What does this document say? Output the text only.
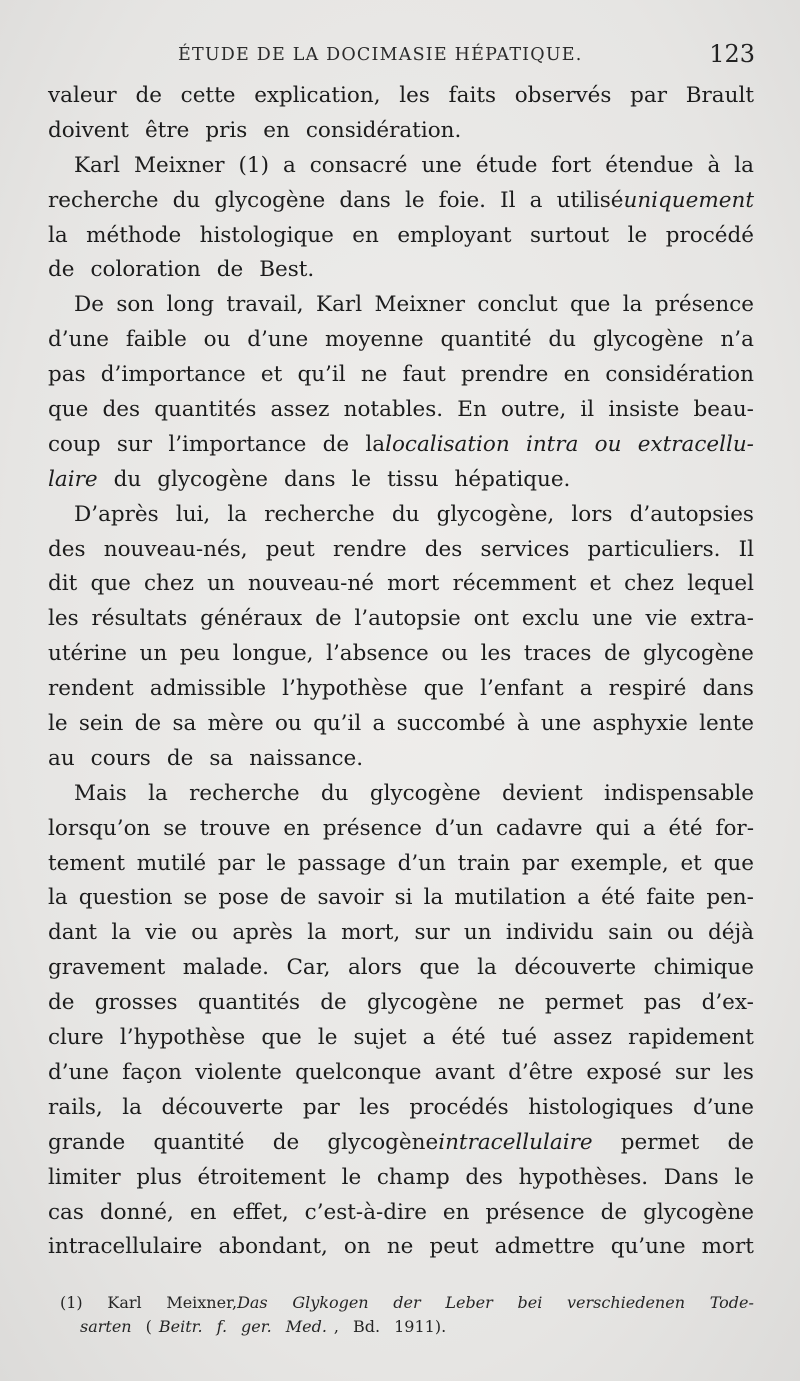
ÉTUDE DE LA DOCIMASIE HÉPATIQUE.	123
valeur de cette explication, les faits observés par Brault
doivent être pris en considération.
Karl Meixner (1) a consacré une étude fort étendue à la
recherche du glycogène dans le foie. Il a utiliséuniquement
la méthode histologique en employant surtout le procédé
de coloration de Best.
De son long travail, Karl Meixner conclut que la présence
d’une faible ou d’une moyenne quantité du glycogène n’a
pas d’importance et qu’il ne faut prendre en considération
que des quantités assez notables. En outre, il insiste beau-
coup sur l’importance de lalocalisation intra ou extracellu-
laire du glycogène dans le tissu hépatique.
D’après lui, la recherche du glycogène, lors d’autopsies
des nouveau-nés, peut rendre des services particuliers. Il
dit que chez un nouveau-né mort récemment et chez lequel
les résultats généraux de l’autopsie ont exclu une vie extra-
utérine un peu longue, l’absence ou les traces de glycogène
rendent admissible l’hypothèse que l’enfant a respiré dans
le sein de sa mère ou qu’il a succombé à une asphyxie lente
au cours de sa naissance.
Mais la recherche du glycogène devient indispensable
lorsqu’on se trouve en présence d’un cadavre qui a été for-
tement mutilé par le passage d’un train par exemple, et que
la question se pose de savoir si la mutilation a été faite pen-
dant la vie ou après la mort, sur un individu sain ou déjà
gravement malade. Car, alors que la découverte chimique
de grosses quantités de glycogène ne permet pas d’ex-
clure l’hypothèse que le sujet a été tué assez rapidement
d’une façon violente quelconque avant d’être exposé sur les
rails, la découverte par les procédés histologiques d’une
grande quantité de glycogèneintracellulaire permet de
limiter plus étroitement le champ des hypothèses. Dans le
cas donné, en effet, c’est-à-dire en présence de glycogène
intracellulaire abondant, on ne peut admettre qu’une mort
(1) Karl Meixner,Das Glykogen der Leber bei verschiedenen Tode-
sarten ( Beitr. f. ger. Med. , Bd. 1911).
